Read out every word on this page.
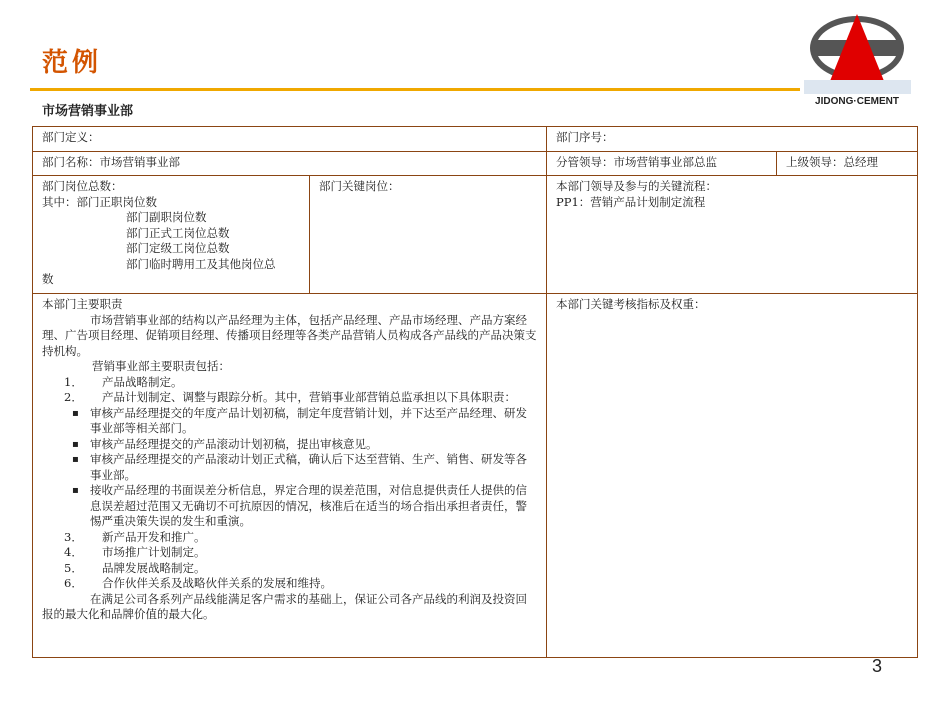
范例
JIDONG·CEMENT
市场营销事业部
部门定义：	部门序号：
部门名称：市场营销事业部	分管领导：市场营销事业部总监	上级领导：总经理
部门岗位总数：
其中：部门正职岗位数
部门副职岗位数
部门正式工岗位总数
部门定级工岗位总数
部门临时聘用工及其他岗位总
数
部门关键岗位：	本部门领导及参与的关键流程：
PP1：营销产品计划制定流程
本部门主要职责
市场营销事业部的结构以产品经理为主体，包括产品经理、产品市场经理、产品方案经理、广告项目经理、促销项目经理、传播项目经理等各类产品营销人员构成各产品线的产品决策支持机构。
营销事业部主要职责包括：
1． 产品战略制定。
2． 产品计划制定、调整与跟踪分析。其中，营销事业部营销总监承担以下具体职责：
▪ 审核产品经理提交的年度产品计划初稿，制定年度营销计划，并下达至产品经理、研发事业部等相关部门。
▪ 审核产品经理提交的产品滚动计划初稿，提出审核意见。
▪ 审核产品经理提交的产品滚动计划正式稿，确认后下达至营销、生产、销售、研发等各事业部。
▪ 接收产品经理的书面误差分析信息，界定合理的误差范围，对信息提供责任人提供的信息误差超过范围又无确切不可抗原因的情况，核准后在适当的场合指出承担者责任，警惕严重决策失误的发生和重演。
3． 新产品开发和推广。
4． 市场推广计划制定。
5． 品牌发展战略制定。
6． 合作伙伴关系及战略伙伴关系的发展和维持。
在满足公司各系列产品线能满足客户需求的基础上，保证公司各产品线的利润及投资回报的最大化和品牌价值的最大化。
本部门关键考核指标及权重：
3
